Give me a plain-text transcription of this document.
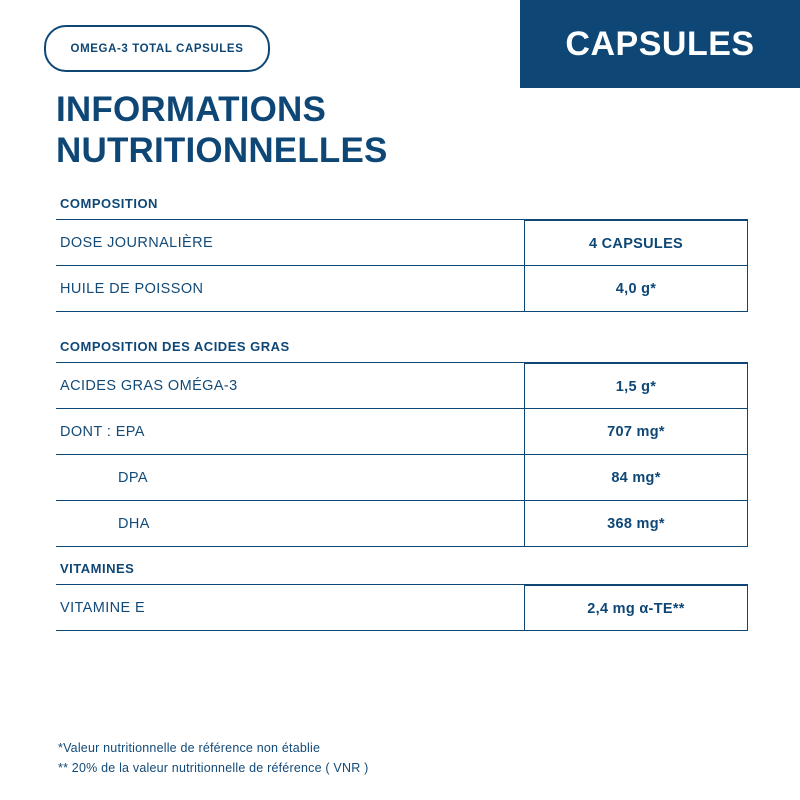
CAPSULES
OMEGA-3 TOTAL CAPSULES
INFORMATIONS
NUTRITIONNELLES
COMPOSITION
DOSE JOURNALIÈRE	4 CAPSULES
HUILE DE POISSON	4,0 g*
COMPOSITION DES ACIDES GRAS
ACIDES GRAS OMÉGA-3	1,5 g*
DONT : EPA	707 mg*
DPA	84 mg*
DHA	368 mg*
VITAMINES
VITAMINE E	2,4 mg α-TE**
*Valeur nutritionnelle de référence non établie
** 20% de la valeur nutritionnelle de référence ( VNR )
